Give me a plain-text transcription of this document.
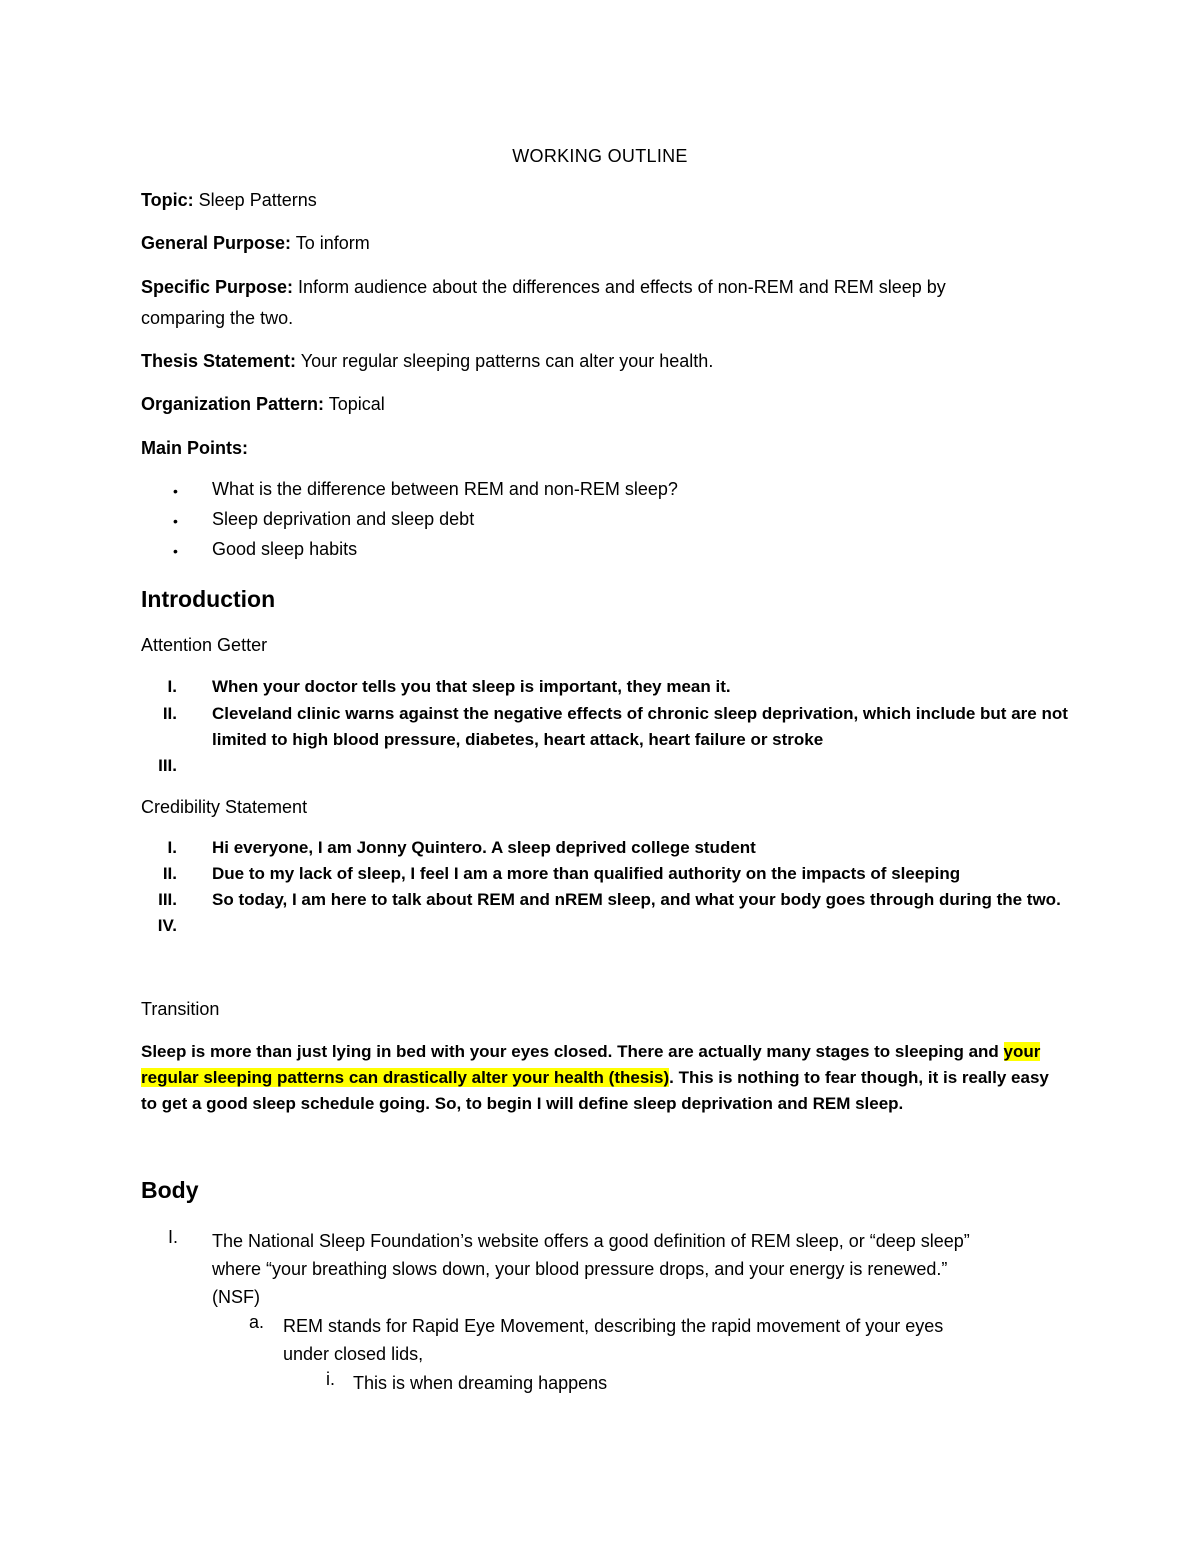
WORKING OUTLINE
Topic: Sleep Patterns
General Purpose: To inform
Specific Purpose: Inform audience about the differences and effects of non-REM and REM sleep by
comparing the two.
Thesis Statement: Your regular sleeping patterns can alter your health.
Organization Pattern: Topical
Main Points:
• What is the difference between REM and non-REM sleep?
• Sleep deprivation and sleep debt
• Good sleep habits
Introduction
Attention Getter
I. When your doctor tells you that sleep is important, they mean it.
II. Cleveland clinic warns against the negative effects of chronic sleep deprivation, which include but are not
limited to high blood pressure, diabetes, heart attack, heart failure or stroke
III.
Credibility Statement
I. Hi everyone, I am Jonny Quintero. A sleep deprived college student
II. Due to my lack of sleep, I feel I am a more than qualified authority on the impacts of sleeping
III. So today, I am here to talk about REM and nREM sleep, and what your body goes through during the two.
IV.
Transition
Sleep is more than just lying in bed with your eyes closed. There are actually many stages to sleeping and your regular sleeping patterns can drastically alter your health (thesis). This is nothing to fear though, it is really easy to get a good sleep schedule going. So, to begin I will define sleep deprivation and REM sleep.
Body
I. The National Sleep Foundation’s website offers a good definition of REM sleep, or “deep sleep”
where “your breathing slows down, your blood pressure drops, and your energy is renewed.”
(NSF)
a. REM stands for Rapid Eye Movement, describing the rapid movement of your eyes
under closed lids,
i. This is when dreaming happens
